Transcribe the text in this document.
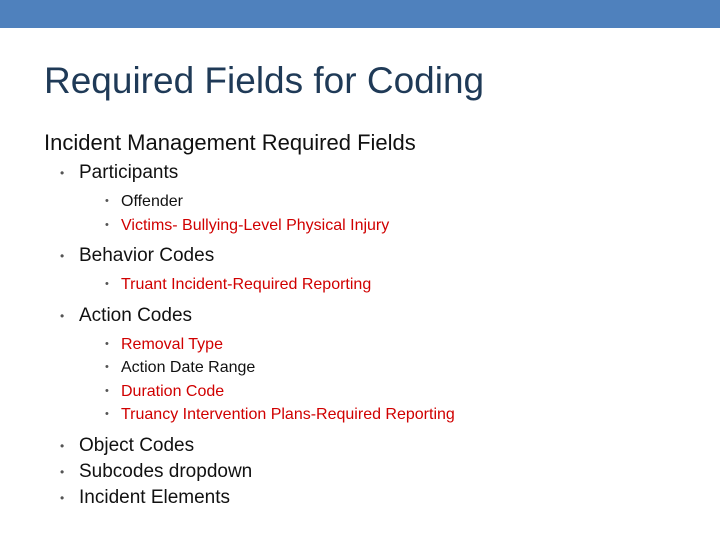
Required Fields for Coding
Incident Management Required Fields
• Participants
• Offender
• Victims- Bullying-Level Physical Injury
• Behavior Codes
• Truant Incident-Required Reporting
• Action Codes
• Removal Type
• Action Date Range
• Duration Code
• Truancy Intervention Plans-Required Reporting
• Object Codes
• Subcodes dropdown
• Incident Elements
